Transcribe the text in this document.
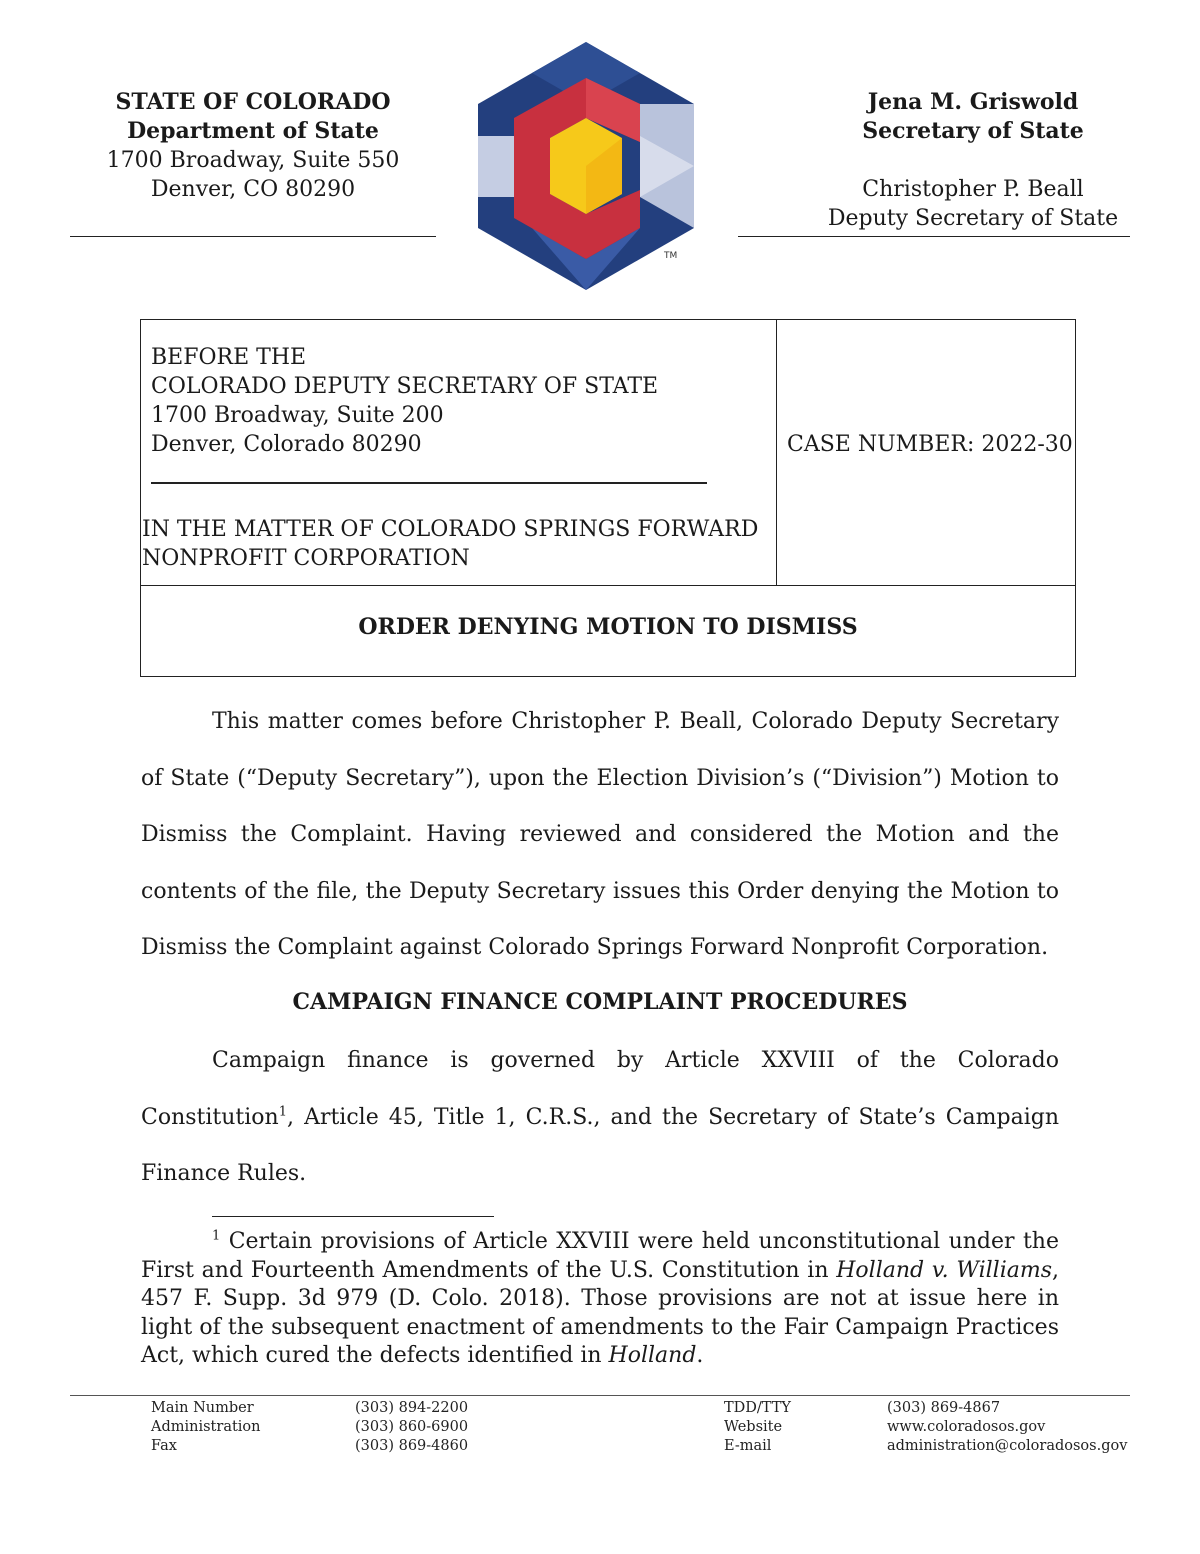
STATE OF COLORADO
Department of State
1700 Broadway, Suite 550
Denver, CO 80290
TM
Jena M. Griswold
Secretary of State
Christopher P. Beall
Deputy Secretary of State
BEFORE THE
COLORADO DEPUTY SECRETARY OF STATE
1700 Broadway, Suite 200
Denver, Colorado 80290
IN THE MATTER OF COLORADO SPRINGS FORWARD
NONPROFIT CORPORATION
CASE NUMBER: 2022-30
ORDER DENYING MOTION TO DISMISS

This matter comes before Christopher P. Beall, Colorado Deputy Secretary of State (“Deputy Secretary”), upon the Election Division’s (“Division”) Motion to Dismiss the Complaint. Having reviewed and considered the Motion and the contents of the file, the Deputy Secretary issues this Order denying the Motion to Dismiss the Complaint against Colorado Springs Forward Nonprofit Corporation.

CAMPAIGN FINANCE COMPLAINT PROCEDURES

Campaign finance is governed by Article XXVIII of the Colorado Constitution$^1$, Article 45, Title 1, C.R.S., and the Secretary of State’s Campaign Finance Rules.

$^1$ Certain provisions of Article XXVIII were held unconstitutional under the First and Fourteenth Amendments of the U.S. Constitution in Holland v. Williams, 457 F. Supp. 3d 979 (D. Colo. 2018). Those provisions are not at issue here in light of the subsequent enactment of amendments to the Fair Campaign Practices Act, which cured the defects identified in Holland.

Main Number
Administration
Fax
(303) 894-2200
(303) 860-6900
(303) 869-4860
TDD/TTY
Website
E-mail
(303) 869-4867
www.coloradosos.gov
administration@coloradosos.gov
